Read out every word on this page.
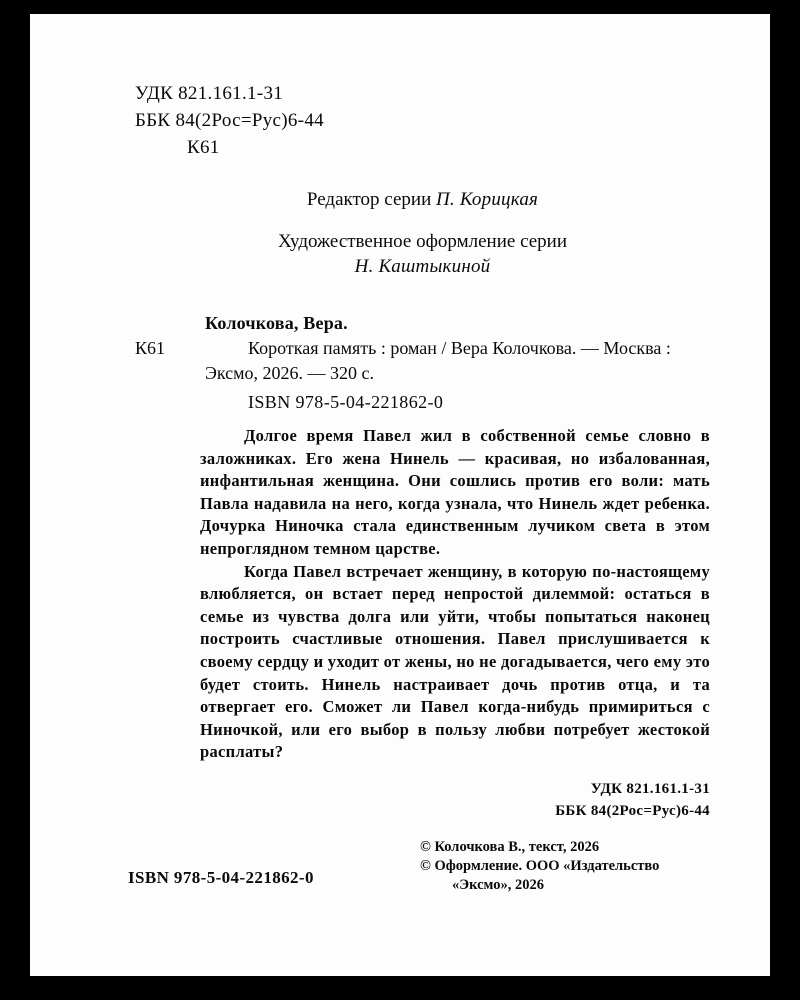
УДК 821.161.1-31
ББК 84(2Рос=Рус)6-44
К61
Редактор серии П. Корицкая
Художественное оформление серии
Н. Каштыкиной
Колочкова, Вера.
К61	Короткая память : роман / Вера Колочкова. — Москва : Эксмо, 2026. — 320 с.
ISBN 978-5-04-221862-0

Долгое время Павел жил в собственной семье словно в заложниках. Его жена Нинель — красивая, но избалованная, инфантильная женщина. Они сошлись против его воли: мать Павла надавила на него, когда узнала, что Нинель ждет ребенка. Дочурка Ниночка стала единственным лучиком света в этом непроглядном темном царстве.

Когда Павел встречает женщину, в которую по-настоящему влюбляется, он встает перед непростой дилеммой: остаться в семье из чувства долга или уйти, чтобы попытаться наконец построить счастливые отношения. Павел прислушивается к своему сердцу и уходит от жены, но не догадывается, чего ему это будет стоить. Нинель настраивает дочь против отца, и та отвергает его. Сможет ли Павел когда-нибудь примириться с Ниночкой, или его выбор в пользу любви потребует жестокой расплаты?

УДК 821.161.1-31
ББК 84(2Рос=Рус)6-44
ISBN 978-5-04-221862-0
© Колочкова В., текст, 2026
© Оформление. ООО «Издательство «Эксмо», 2026
